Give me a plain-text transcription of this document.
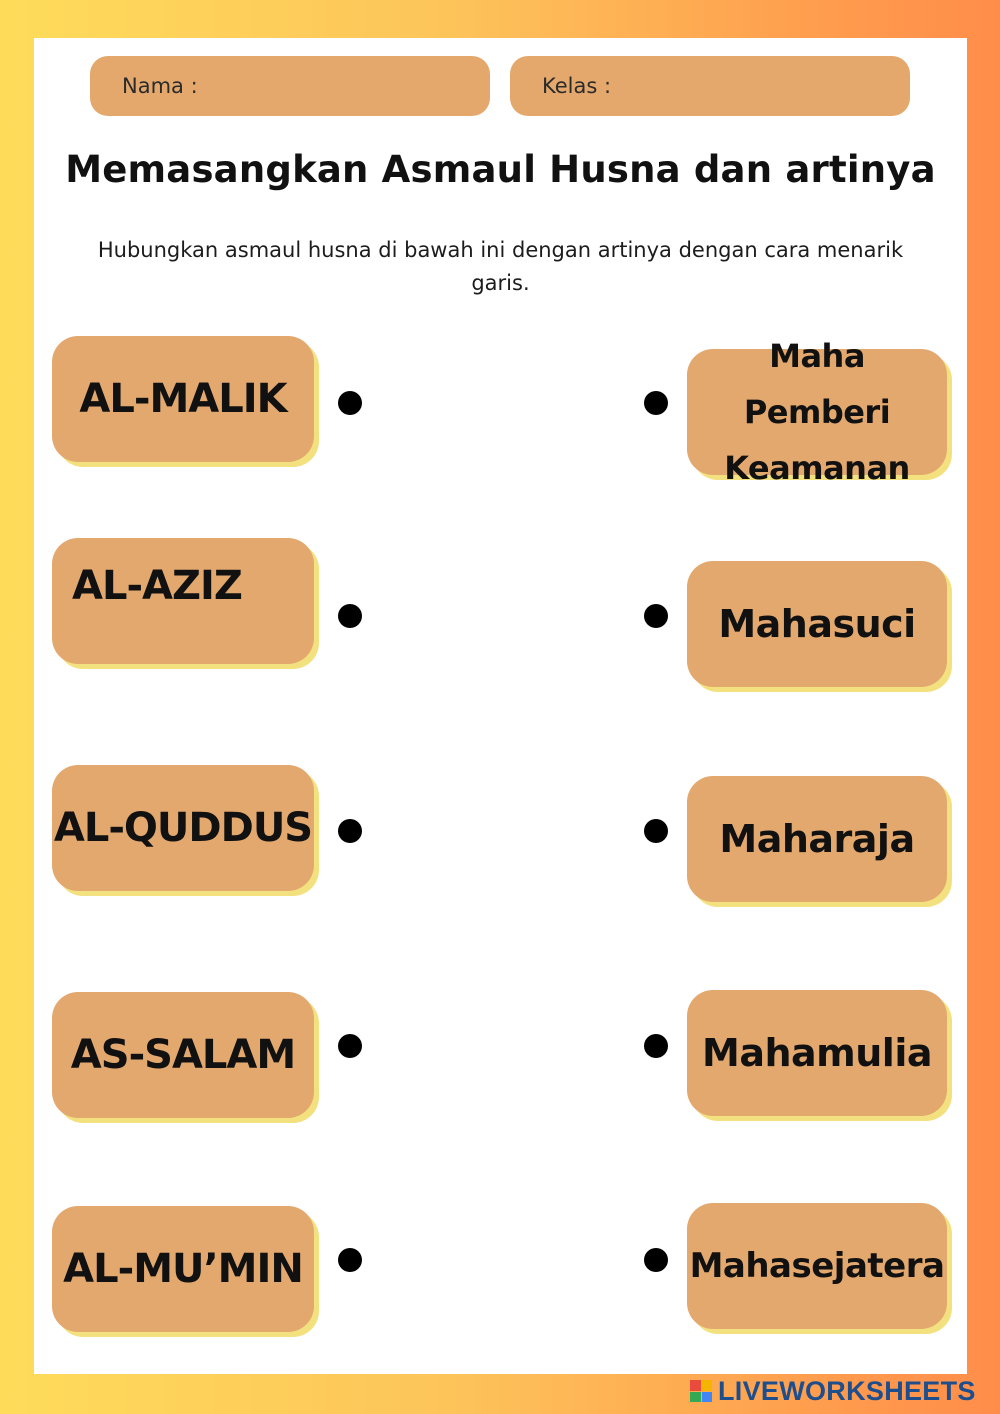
Nama :	Kelas :
Memasangkan Asmaul Husna dan artinya
Hubungkan asmaul husna di bawah ini dengan artinya dengan cara menarik garis.
AL-MALIK
AL-AZIZ
AL-QUDDUS
AS-SALAM
AL-MU’MIN
Maha Pemberi Keamanan
Mahasuci
Maharaja
Mahamulia
Mahasejatera
LIVEWORKSHEETS
